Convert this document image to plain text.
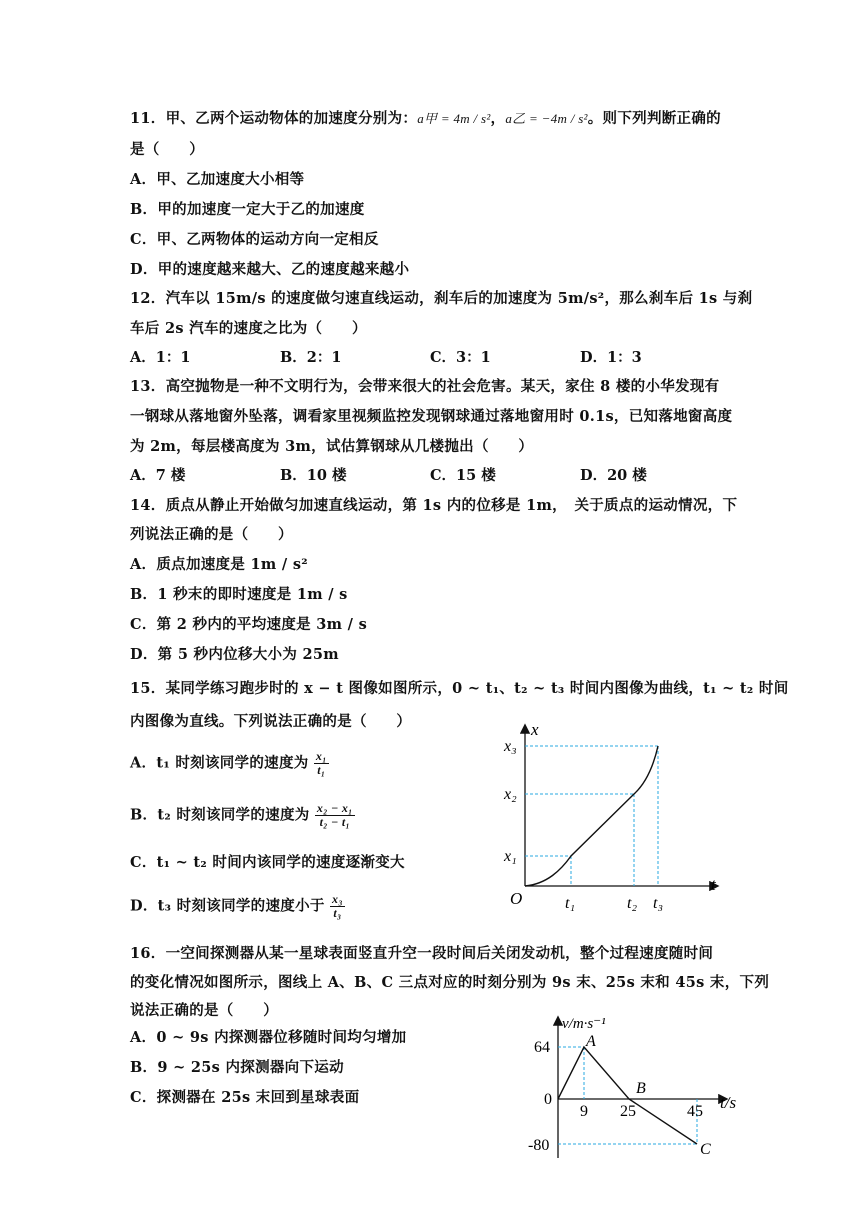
11．甲、乙两个运动物体的加速度分别为：a甲 = 4m / s²，a乙 = −4m / s²。则下列判断正确的
是（　　）
A．甲、乙加速度大小相等
B．甲的加速度一定大于乙的加速度
C．甲、乙两物体的运动方向一定相反
D．甲的速度越来越大、乙的速度越来越小
12．汽车以 15m/s 的速度做匀速直线运动，刹车后的加速度为 5m/s²，那么刹车后 1s 与刹
车后 2s 汽车的速度之比为（　　）
A．1：1	B．2：1	C．3：1	D．1：3
13．高空抛物是一种不文明行为，会带来很大的社会危害。某天，家住 8 楼的小华发现有
一钢球从落地窗外坠落，调看家里视频监控发现钢球通过落地窗用时 0.1s，已知落地窗高度
为 2m，每层楼高度为 3m，试估算钢球从几楼抛出（　　）
A．7 楼	B．10 楼	C．15 楼	D．20 楼
14．质点从静止开始做匀加速直线运动，第 1s 内的位移是 1m，　关于质点的运动情况，下
列说法正确的是（　　）
A．质点加速度是 1m / s²
B．1 秒末的即时速度是 1m / s
C．第 2 秒内的平均速度是 3m / s
D．第 5 秒内位移大小为 25m
15．某同学练习跑步时的 x − t 图像如图所示，0 ~ t₁、t₂ ~ t₃ 时间内图像为曲线，t₁ ~ t₂ 时间
内图像为直线。下列说法正确的是（　　）
A．t₁ 时刻该同学的速度为 $\frac{\text{x₁}}{\text{t₁}}$
B．t₂ 时刻该同学的速度为 $\frac{\text{x₂ − x₁}}{\text{t₂ − t₁}}$
C．t₁ ~ t₂ 时间内该同学的速度逐渐变大
D．t₃ 时刻该同学的速度小于 $\frac{\text{x₃}}{\text{t₃}}$
x
t
O
x₁
x₂
x₃
t₁	t₂ t₃
16．一空间探测器从某一星球表面竖直升空一段时间后关闭发动机，整个过程速度随时间
的变化情况如图所示，图线上 A、B、C 三点对应的时刻分别为 9s 末、25s 末和 45s 末，下列
说法正确的是（　　）
A．0 ~ 9s 内探测器位移随时间均匀增加
B．9 ~ 25s 内探测器向下运动
C．探测器在 25s 末回到星球表面
v/m·s⁻¹
t/s
0
64
-80
9 25	45
A
B
C
